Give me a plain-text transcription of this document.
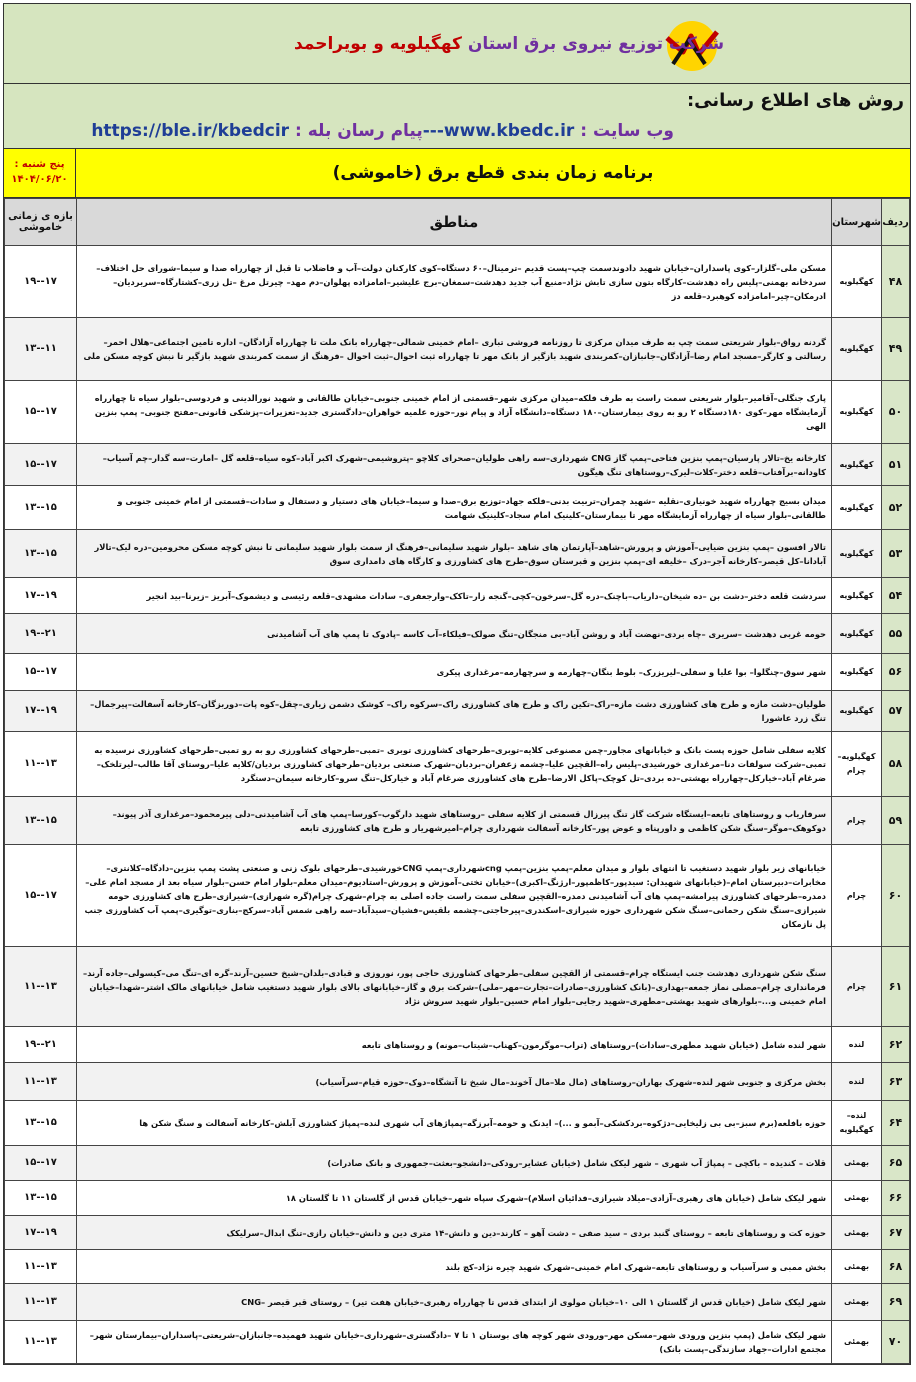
شرکت توزیع نیروی برق استان کهگیلویه و بویراحمد
روش های اطلاع رسانی:
وب سایت : www.kbedc.ir---پیام رسان بله : https://ble.ir/kbedcir
پنج شنبه :
۱۴۰۴/۰۶/۲۰	برنامه زمان بندی قطع برق (خاموشی)
بازه ی زمانی خاموشی	مناطق	شهرستان	ردیف
۱۹--۱۷	مسکن ملی–گلزار–کوی پاسداران–خیابان شهید دادوندسمت چپ–پست قدیم –ترمینال–۶۰ دستگاه–کوی کارکنان دولت–آب و فاضلاب تا قبل از چهارراه صدا و سیما–شورای حل اختلاف–سردخانه بهمنی–پلیس راه دهدشت–کارگاه بتون سازی تابش نژاد–منبع آب جدید دهدشت–سمغان–برج علیشیر–امامزاده پهلوان–دم مهد– چیرتل مرغ –تل زری–کشتارگاه–سربردیان–ادرمکان–چیر–امامزاده کوهبرد–قلعه دز	کهگیلویه	۴۸
۱۳--۱۱	گردنه رواق–بلوار شریعتی سمت چپ به طرف میدان مرکزی تا روزنامه فروشی تباری –امام خمینی شمالی–چهارراه بانک ملت تا چهارراه آزادگان– اداره تامین اجتماعی–هلال احمر–رسالتی و کارگر–مسجد امام رضا–آزادگان–جانبازان–کمربندی شهید بازگیر از بانک مهر تا چهارراه ثبت احوال–ثبت احوال –فرهنگ از سمت کمربندی شهید بازگیر تا نبش کوچه مسکن ملی	کهگیلویه	۴۹
۱۵--۱۷	پارک جنگلی–آقامیر–بلوار شریعتی سمت راست به طرف فلکه–میدان مرکزی شهر–قسمتی از امام خمینی جنوبی–خیابان طالقانی و شهید نورالدینی و فردوسی–بلوار سیاه تا چهارراه آزمایشگاه مهر–کوی ۱۸۰دستگاه ۲ رو به روی بیمارستان–۱۸۰ دستگاه–دانشگاه آزاد و پیام نور–حوزه علمیه خواهران–دادگستری جدید–تعزیرات–پزشکی قانونی–مفتح جنوبی– پمپ بنزین الهی	کهگیلویه	۵۰
۱۵--۱۷	کارخانه یخ–تالار پارسیان–پمپ بنزین فتاحی–پمپ گاز CNG شهرداری–سه راهی طولیان–صحرای کلاچو –پتروشیمی–شهرک اکبر آباد–کوه سیاه–قلعه گل –امارت–سه گدار–چم آسیاب–کاودانه–برآفتاب–قلعه دختر–کلات–لیرک–روستاهای تنگ هیگون	کهگیلویه	۵۱
۱۳--۱۵	میدان بسیج چهارراه شهید خونیاری–نقلیه –شهید چمران–تربیت بدنی–فلکه جهاد–توزیع برق–صدا و سیما–خیابان های دستیار و دستفال و سادات–قسمتی از امام خمینی جنوبی و طالقانی–بلوار سیاه از چهارراه آزمایشگاه مهر تا بیمارستان–کلینیک امام سجاد–کلینیک شهامت	کهگیلویه	۵۲
۱۳--۱۵	تالار افسون –پمپ بنزین ضیایی–آموزش و پرورش–شاهد–آپارتمان های شاهد –بلوار شهید سلیمانی–فرهنگ از سمت بلوار شهید سلیمانی تا نبش کوچه مسکن محرومین–دره لیک–تالار آبادانا–کل قیصر–کارخانه آجر–درک –خلیفه ای–پمپ بنزین و قبرستان سوق–طرح های کشاورزی و کارگاه های دامداری سوق	کهگیلویه	۵۳
۱۷--۱۹	سردشت قلعه دختر–دشت بن –ده شیخان–داریاب–باچنک–دره گل–سرخون–کچی–گنجه زار–تاکک–وارجعفری– سادات مشهدی–قلعه رئیسی و دیشموک–آبریز –زیرنا–بید انجیر	کهگیلویه	۵۴
۱۹--۲۱	حومه غربی دهدشت –سریری –چاه بردی–نهضت آباد و روشن آباد–بی منجگان–تنگ صولک–فیلکاء–آب کاسه –پادوک تا پمپ های آب آشامیدنی	کهگیلویه	۵۵
۱۵--۱۷	شهر سوق–چنگلوا– بوا علیا و سفلی–لیریزرک– بلوط بنگان–چهارمه و سرچهارمه–مرغداری پیکری	کهگیلویه	۵۶
۱۷--۱۹	طولیان–دشت مازه و طرح های کشاورزی دشت مازه–راک–تکین راک و طرح های کشاورزی راک–سرکوه راک– کوشک دشمن زیاری–چقل–کوه پات–دوربزگان–کارخانه آسفالت–پیرجمال–تنگ زرد عاشورا	کهگیلویه	۵۷
۱۱--۱۳	کلایه سفلی شامل حوزه پست بانک و خیابانهای مجاور–چمن مصنوعی کلایه–توبری–طرحهای کشاورزی توبری –تمبی–طرحهای کشاورزی رو به رو تمبی–طرحهای کشاورزی نرسیده به تمبی–شرکت سولفات دنا–مرغداری خورشیدی–پلیس راه–القچین علیا–چشمه زعفران–بردبان–شهرک صنعتی بردیان–طرحهای کشاورزی بردیان/کلایه علیا–روستای آقا طالب–لیرتلخک–ضرغام آباد–خیارکل–چهارراه بهشتی–ده بردی–تل کوچک–پاکل الارضا–طرح های کشاورزی ضرغام آباد و خیارکل–تنگ سرو–کارخانه سیمان–دستگرد	کهگیلویه–چرام	۵۸
۱۳--۱۵	سرفاریاب و روستاهای تابعه–ایستگاه شرکت گاز تنگ پیرزال قسمتی از کلایه سفلی –روستاهای شهید دارگوب–کورسا–پمپ های آب آشامیدنی–دلی پیرمحمود–مرغداری آذر پیوند–دوکوهک–موگر–سنگ شکن کاظمی و داورپناه و عوض پور–کارخانه آسفالت شهرداری چرام–امیرشهریار و طرح های کشاورزی تابعه	چرام	۵۹
۱۵--۱۷	خیابانهای زیر بلوار شهید دستغیب تا انتهای بلوار و میدان معلم–پمپ بنزین–پمپ cngشهرداری–پمپ CNGخورشیدی–طرحهای بلوک زنی و صنعتی پشت پمپ بنزین–دادگاه–کلانتری–مخابرات–دبیرستان امام–(خیابانهای شهیدان: سیدپور–کاظمپور–ارژنگ–اکبری)–خیابان تختی–آموزش و پرورش–استادیوم–میدان معلم–بلوار امام حسن–بلوار سیاه بعد از مسجد امام علی–دمدره–طرحهای کشاورزی پیرامشه–پمپ های آب آشامیدنی دمدره–القچین سفلی سمت راست جاده اصلی به چرام–شهرک چرام(گره شهرازی)–شیرازی–طرح های کشاورزی حومه شیرازی–سنگ شکن رحمانی–سنگ شکن شهرداری حوزه شیرازی–اسکندری–پیرحاجتی–چشمه بلقیس–فشیان–سیدآباد–سه راهی شمس آباد–سرکج–بناری–توگیری–پمپ آب کشاورزی جنب پل نازمکان	چرام	۶۰
۱۱--۱۳	سنگ شکن شهرداری دهدشت جنب ایستگاه چرام–قسمتی از القچین سفلی–طرحهای کشاورزی حاجی پور، نوروزی و قبادی–بلدان–شیخ حسین–آرند–گره ای–تنگ می–کیسولی–جاده آرند–فرمانداری چرام–مصلی نماز جمعه–بهداری–(بانک کشاورزی–صادرات–تجارت–مهر–ملی)–شرکت برق و گاز–خیابانهای بالای بلوار شهید دستغیب شامل خیابانهای مالک اشتر–شهدا–خیابان امام خمینی و...–بلوارهای شهید بهشتی–مطهری–شهید رجایی–بلوار امام حسین–بلوار شهید سروش نژاد	چرام	۶۱
۱۹--۲۱	شهر لنده شامل (خیابان شهید مطهری–سادات)–روستاهای (تراب–موگرمون–کهناب–شیتاب–مونه) و روستاهای تابعه	لنده	۶۲
۱۱--۱۳	بخش مرکزی و جنوبی شهر لنده–شهرک بهاران–روستاهای (مال ملا–مال آخوند–مال شیخ تا آتشگاه–دوک–حوزه قیام–سرآسیاب)	لنده	۶۳
۱۳--۱۵	حوزه بافلعه(برم سبز–بی بی زلیخایی–دژکوه–بردکشکی–آبمو و ...)– ایدنک و حومه–آبرزگه–پمپاژهای آب شهری لنده–پمپاژ کشاورزی آبلش–کارخانه آسفالت و سنگ شکن ها	لنده–کهگیلویه	۶۴
۱۵--۱۷	قلات – کندیده – باکچی – پمپاژ آب شهری – شهر لیکک شامل (خیابان عشایر–رودکی–دانشجو–بعثت–جمهوری و بانک صادرات)	بهمئی	۶۵
۱۳--۱۵	شهر لیکک شامل (خیابان های رهبری–آزادی–میلاد شیرازی–فدائیان اسلام)–شهرک سپاه شهر–خیابان قدس از گلستان ۱۱ تا گلستان ۱۸	بهمئی	۶۶
۱۷--۱۹	حوزه کت و روستاهای تابعه – روستای گنبد بردی – سید صفی – دشت آهو – کارند–دین و دانش–۱۴ متری دین و دانش–خیابان رازی–تنگ ابدال–سرلیکک	بهمئی	۶۷
۱۱--۱۳	بخش ممبی و سرآسیاب و روستاهای تابعه–شهرک امام خمینی–شهرک شهید چیره نژاد–کچ بلند	بهمئی	۶۸
۱۱--۱۳	شهر لیکک شامل (خیابان قدس از گلستان ۱ الی ۱۰–خیابان مولوی از ابتدای قدس تا چهارراه رهبری–خیابان هفت تیر) – روستای قبر قیصر –CNG	بهمئی	۶۹
۱۱--۱۳	شهر لیکک شامل (پمپ بنزین ورودی شهر–مسکن مهر–ورودی شهر کوچه های بوستان ۱ تا ۷ –دادگستری–شهرداری–خیابان شهید فهمیده–جانبازان–شریعتی–پاسداران–بیمارستان شهر–مجتمع ادارات–جهاد سازندگی–پست بانک)	بهمئی	۷۰
